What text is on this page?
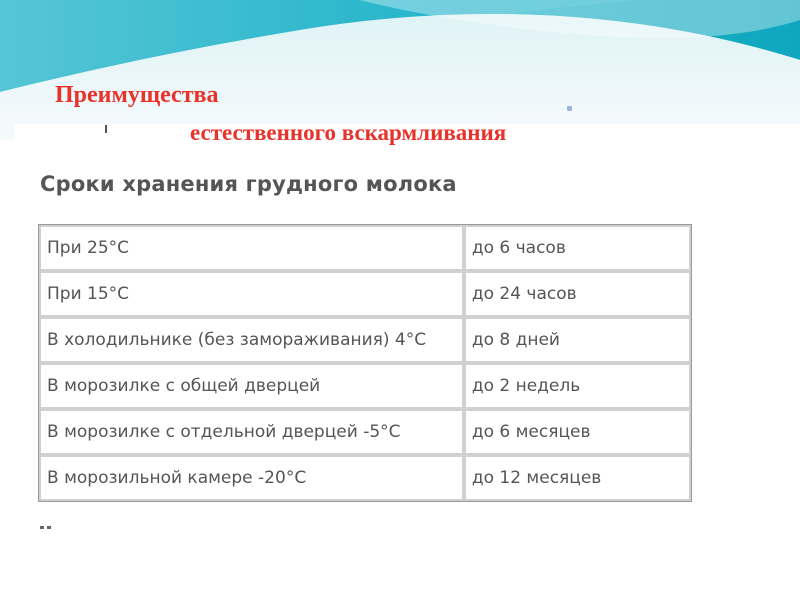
Преимущества
естественного вскармливания
Сроки хранения грудного молока
При 25°С	до 6 часов
При 15°С	до 24 часов
В холодильнике (без замораживания) 4°С	до 8 дней
В морозилке с общей дверцей	до 2 недель
В морозилке с отдельной дверцей -5°С	до 6 месяцев
В морозильной камере -20°С	до 12 месяцев
